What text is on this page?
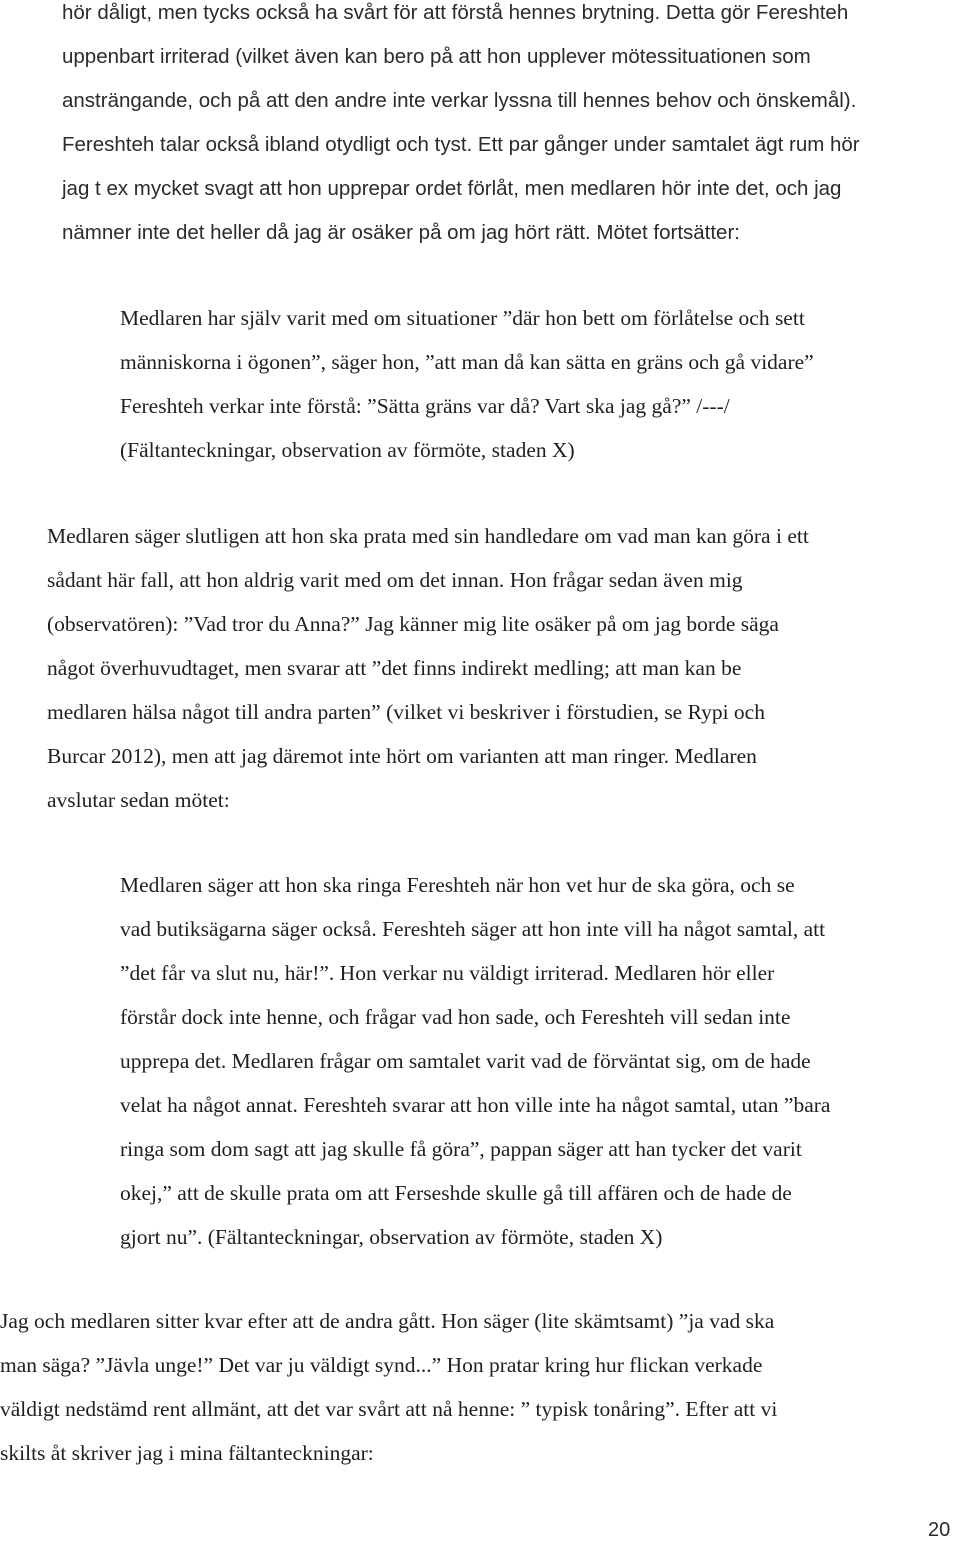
hör dåligt, men tycks också ha svårt för att förstå hennes brytning. Detta gör Fereshteh
uppenbart irriterad (vilket även kan bero på att hon upplever mötessituationen som
ansträngande, och på att den andre inte verkar lyssna till hennes behov och önskemål).
Fereshteh talar också ibland otydligt och tyst. Ett par gånger under samtalet ägt rum hör
jag t ex mycket svagt att hon upprepar ordet förlåt, men medlaren hör inte det, och jag
nämner inte det heller då jag är osäker på om jag hört rätt. Mötet fortsätter:
Medlaren har själv varit med om situationer ”där hon bett om förlåtelse och sett
människorna i ögonen”, säger hon, ”att man då kan sätta en gräns och gå vidare”
Fereshteh verkar inte förstå: ”Sätta gräns var då? Vart ska jag gå?” /---/
(Fältanteckningar, observation av förmöte, staden X)
Medlaren säger slutligen att hon ska prata med sin handledare om vad man kan göra i ett
sådant här fall, att hon aldrig varit med om det innan. Hon frågar sedan även mig
(observatören): ”Vad tror du Anna?” Jag känner mig lite osäker på om jag borde säga
något överhuvudtaget, men svarar att ”det finns indirekt medling; att man kan be
medlaren hälsa något till andra parten” (vilket vi beskriver i förstudien, se Rypi och
Burcar 2012), men att jag däremot inte hört om varianten att man ringer. Medlaren
avslutar sedan mötet:
Medlaren säger att hon ska ringa Fereshteh när hon vet hur de ska göra, och se
vad butiksägarna säger också. Fereshteh säger att hon inte vill ha något samtal, att
”det får va slut nu, här!”. Hon verkar nu väldigt irriterad. Medlaren hör eller
förstår dock inte henne, och frågar vad hon sade, och Fereshteh vill sedan inte
upprepa det. Medlaren frågar om samtalet varit vad de förväntat sig, om de hade
velat ha något annat. Fereshteh svarar att hon ville inte ha något samtal, utan ”bara
ringa som dom sagt att jag skulle få göra”, pappan säger att han tycker det varit
okej,” att de skulle prata om att Ferseshde skulle gå till affären och de hade de
gjort nu”. (Fältanteckningar, observation av förmöte, staden X)
Jag och medlaren sitter kvar efter att de andra gått. Hon säger (lite skämtsamt) ”ja vad ska
man säga? ”Jävla unge!” Det var ju väldigt synd...” Hon pratar kring hur flickan verkade
väldigt nedstämd rent allmänt, att det var svårt att nå henne: ” typisk tonåring”. Efter att vi
skilts åt skriver jag i mina fältanteckningar:
20
